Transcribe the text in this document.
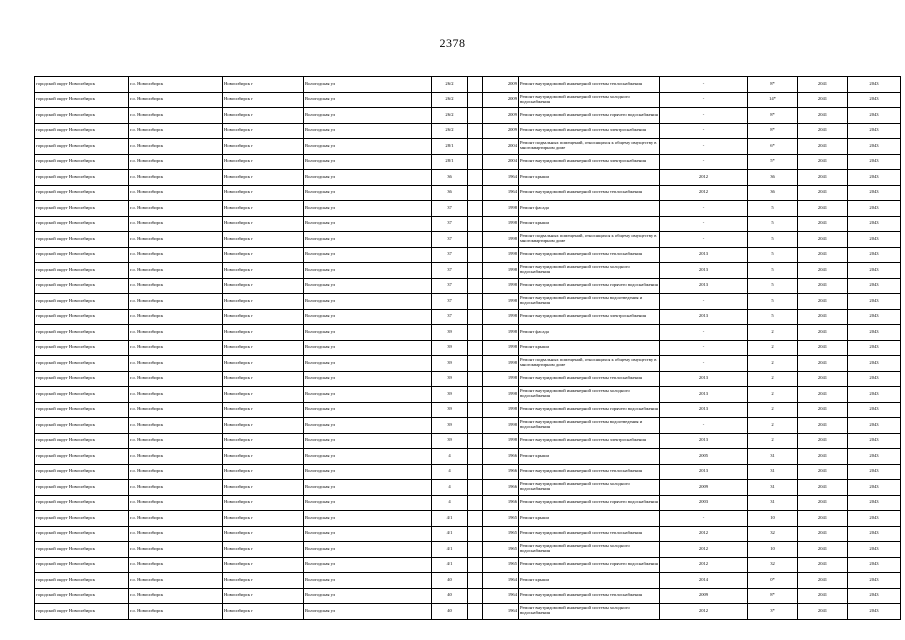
2378
городской округ Новосибирск	г.о. Новосибирск	Новосибирск г	Вологодская ул	26/2		2009	Ремонт внутридомовой инженерной системы теплоснабжения	-	8*	2041	2043
городской округ Новосибирск	г.о. Новосибирск	Новосибирск г	Вологодская ул	26/2		2009	Ремонт внутридомовой инженерной системы холодного водоснабжения	-	14*	2041	2043
городской округ Новосибирск	г.о. Новосибирск	Новосибирск г	Вологодская ул	26/2		2009	Ремонт внутридомовой инженерной системы горячего водоснабжения	-	8*	2041	2043
городской округ Новосибирск	г.о. Новосибирск	Новосибирск г	Вологодская ул	26/2		2009	Ремонт внутридомовой инженерной системы электроснабжения	-	8*	2041	2043
городской округ Новосибирск	г.о. Новосибирск	Новосибирск г	Вологодская ул	28/1		2004	Ремонт подвальных помещений, относящихся к общему имуществу в многоквартирном доме	-	6*	2041	2043
городской округ Новосибирск	г.о. Новосибирск	Новосибирск г	Вологодская ул	28/1		2004	Ремонт внутридомовой инженерной системы электроснабжения	-	5*	2041	2043
городской округ Новосибирск	г.о. Новосибирск	Новосибирск г	Вологодская ул	36		1964	Ремонт крыши	2012	36	2041	2043
городской округ Новосибирск	г.о. Новосибирск	Новосибирск г	Вологодская ул	36		1964	Ремонт внутридомовой инженерной системы теплоснабжения	2012	36	2041	2043
городской округ Новосибирск	г.о. Новосибирск	Новосибирск г	Вологодская ул	37		1998	Ремонт фасада	-	5	2041	2043
городской округ Новосибирск	г.о. Новосибирск	Новосибирск г	Вологодская ул	37		1998	Ремонт крыши	-	5	2041	2043
городской округ Новосибирск	г.о. Новосибирск	Новосибирск г	Вологодская ул	37		1998	Ремонт подвальных помещений, относящихся к общему имуществу в многоквартирном доме	-	5	2041	2043
городской округ Новосибирск	г.о. Новосибирск	Новосибирск г	Вологодская ул	37		1998	Ремонт внутридомовой инженерной системы теплоснабжения	2013	5	2041	2043
городской округ Новосибирск	г.о. Новосибирск	Новосибирск г	Вологодская ул	37		1998	Ремонт внутридомовой инженерной системы холодного водоснабжения	2013	5	2041	2043
городской округ Новосибирск	г.о. Новосибирск	Новосибирск г	Вологодская ул	37		1998	Ремонт внутридомовой инженерной системы горячего водоснабжения	2013	5	2041	2043
городской округ Новосибирск	г.о. Новосибирск	Новосибирск г	Вологодская ул	37		1998	Ремонт внутридомовой инженерной системы водоотведения и водоснабжения	-	5	2041	2043
городской округ Новосибирск	г.о. Новосибирск	Новосибирск г	Вологодская ул	37		1998	Ремонт внутридомовой инженерной системы электроснабжения	2013	5	2041	2043
городской округ Новосибирск	г.о. Новосибирск	Новосибирск г	Вологодская ул	39		1998	Ремонт фасада	-	2	2041	2043
городской округ Новосибирск	г.о. Новосибирск	Новосибирск г	Вологодская ул	39		1998	Ремонт крыши	-	2	2041	2043
городской округ Новосибирск	г.о. Новосибирск	Новосибирск г	Вологодская ул	39		1998	Ремонт подвальных помещений, относящихся к общему имуществу в многоквартирном доме	-	2	2041	2043
городской округ Новосибирск	г.о. Новосибирск	Новосибирск г	Вологодская ул	39		1998	Ремонт внутридомовой инженерной системы теплоснабжения	2013	2	2041	2043
городской округ Новосибирск	г.о. Новосибирск	Новосибирск г	Вологодская ул	39		1998	Ремонт внутридомовой инженерной системы холодного водоснабжения	2013	2	2041	2043
городской округ Новосибирск	г.о. Новосибирск	Новосибирск г	Вологодская ул	39		1998	Ремонт внутридомовой инженерной системы горячего водоснабжения	2013	2	2041	2043
городской округ Новосибирск	г.о. Новосибирск	Новосибирск г	Вологодская ул	39		1998	Ремонт внутридомовой инженерной системы водоотведения и водоснабжения	-	2	2041	2043
городской округ Новосибирск	г.о. Новосибирск	Новосибирск г	Вологодская ул	39		1998	Ремонт внутридомовой инженерной системы электроснабжения	2013	2	2041	2043
городской округ Новосибирск	г.о. Новосибирск	Новосибирск г	Вологодская ул	4		1966	Ремонт крыши	2005	31	2041	2043
городской округ Новосибирск	г.о. Новосибирск	Новосибирск г	Вологодская ул	4		1966	Ремонт внутридомовой инженерной системы теплоснабжения	2013	31	2041	2043
городской округ Новосибирск	г.о. Новосибирск	Новосибирск г	Вологодская ул	4		1966	Ремонт внутридомовой инженерной системы холодного водоснабжения	2009	31	2041	2043
городской округ Новосибирск	г.о. Новосибирск	Новосибирск г	Вологодская ул	4		1966	Ремонт внутридомовой инженерной системы горячего водоснабжения	2003	31	2041	2043
городской округ Новосибирск	г.о. Новосибирск	Новосибирск г	Вологодская ул	4/1		1965	Ремонт крыши	-	10	2041	2043
городской округ Новосибирск	г.о. Новосибирск	Новосибирск г	Вологодская ул	4/1		1965	Ремонт внутридомовой инженерной системы теплоснабжения	2012	32	2041	2043
городской округ Новосибирск	г.о. Новосибирск	Новосибирск г	Вологодская ул	4/1		1965	Ремонт внутридомовой инженерной системы холодного водоснабжения	2012	10	2041	2043
городской округ Новосибирск	г.о. Новосибирск	Новосибирск г	Вологодская ул	4/1		1965	Ремонт внутридомовой инженерной системы горячего водоснабжения	2012	32	2041	2043
городской округ Новосибирск	г.о. Новосибирск	Новосибирск г	Вологодская ул	40		1964	Ремонт крыши	2014	0*	2041	2043
городской округ Новосибирск	г.о. Новосибирск	Новосибирск г	Вологодская ул	40		1964	Ремонт внутридомовой инженерной системы теплоснабжения	2009	8*	2041	2043
городской округ Новосибирск	г.о. Новосибирск	Новосибирск г	Вологодская ул	40		1964	Ремонт внутридомовой инженерной системы холодного водоснабжения	2012	3*	2041	2043
